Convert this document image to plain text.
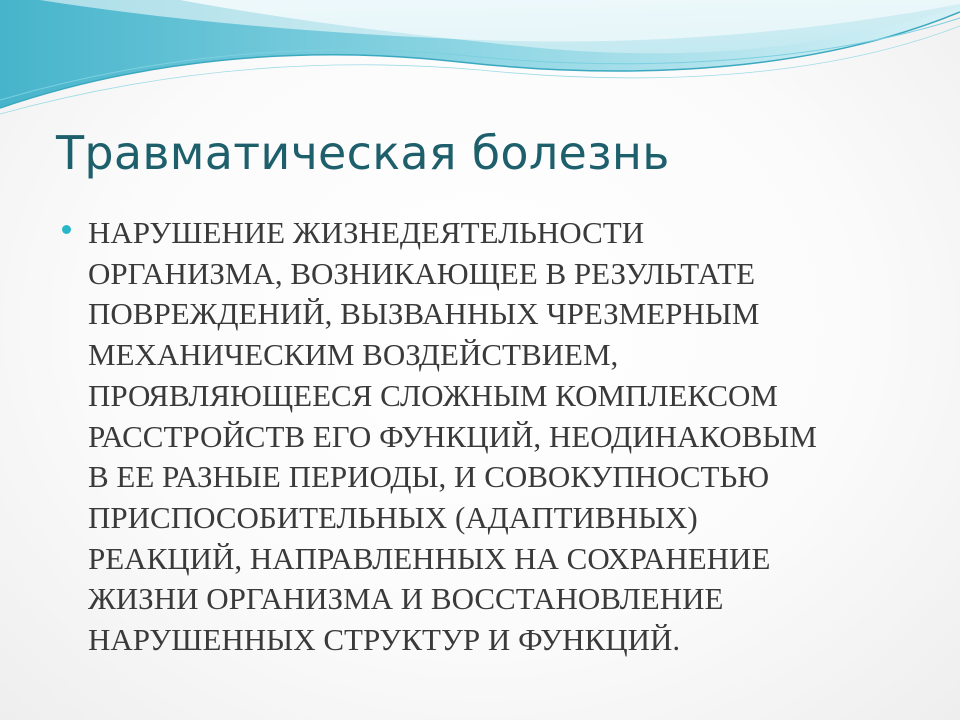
Травматическая болезнь
НАРУШЕНИЕ ЖИЗНЕДЕЯТЕЛЬНОСТИ
ОРГАНИЗМА, ВОЗНИКАЮЩЕЕ В РЕЗУЛЬТАТЕ
ПОВРЕЖДЕНИЙ, ВЫЗВАННЫХ ЧРЕЗМЕРНЫМ
МЕХАНИЧЕСКИМ ВОЗДЕЙСТВИЕМ,
ПРОЯВЛЯЮЩЕЕСЯ СЛОЖНЫМ КОМПЛЕКСОМ
РАССТРОЙСТВ ЕГО ФУНКЦИЙ, НЕОДИНАКОВЫМ
В ЕЕ РАЗНЫЕ ПЕРИОДЫ, И СОВОКУПНОСТЬЮ
ПРИСПОСОБИТЕЛЬНЫХ (АДАПТИВНЫХ)
РЕАКЦИЙ, НАПРАВЛЕННЫХ НА СОХРАНЕНИЕ
ЖИЗНИ ОРГАНИЗМА И ВОССТАНОВЛЕНИЕ
НАРУШЕННЫХ СТРУКТУР И ФУНКЦИЙ.
